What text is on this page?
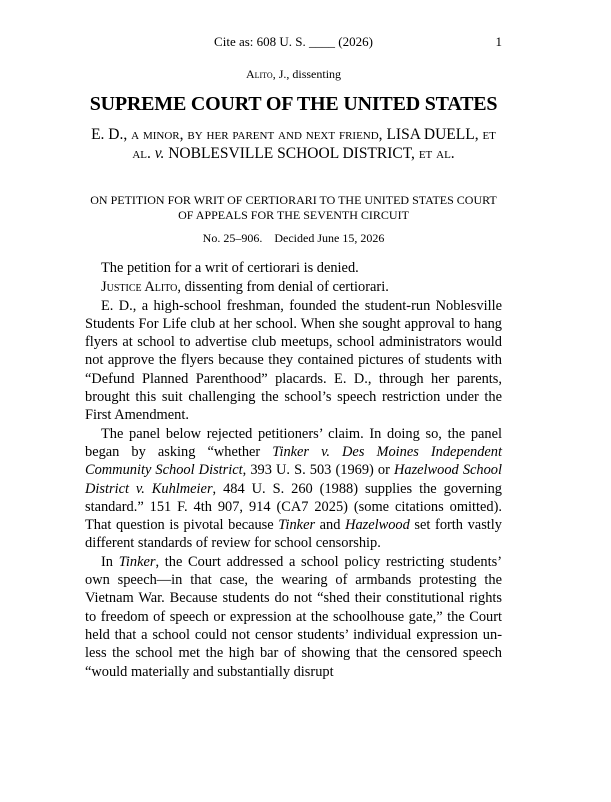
Cite as: 608 U. S. ____ (2026)	1
Alito, J., dissenting
SUPREME COURT OF THE UNITED STATES
E. D., a minor, by her parent and next friend, LISA DUELL, et al. v. NOBLESVILLE SCHOOL DISTRICT, et al.
ON PETITION FOR WRIT OF CERTIORARI TO THE UNITED STATES COURT OF APPEALS FOR THE SEVENTH CIRCUIT
No. 25–906.    Decided June 15, 2026

The petition for a writ of certiorari is denied.

Justice Alito, dissenting from denial of certiorari.

E. D., a high-school freshman, founded the student-run Noblesville Students For Life club at her school. When she sought approval to hang flyers at school to advertise club meetups, school administrators would not approve the flyers because they contained pictures of students with “Defund Planned Parenthood” placards. E. D., through her parents, brought this suit challenging the school’s speech restriction under the First Amendment.

The panel below rejected petitioners’ claim. In doing so, the panel began by asking “whether Tinker v. Des Moines Independent Community School District, 393 U. S. 503 (1969) or Hazelwood School District v. Kuhlmeier, 484 U. S. 260 (1988) supplies the governing standard.” 151 F. 4th 907, 914 (CA7 2025) (some citations omitted). That question is pivotal because Tinker and Hazelwood set forth vastly different standards of review for school censorship.

In Tinker, the Court addressed a school policy restricting students’ own speech—in that case, the wearing of armbands protesting the Vietnam War. Because students do not “shed their constitutional rights to freedom of speech or expression at the schoolhouse gate,” the Court held that a school could not censor students’ individual expression unless the school met the high bar of showing that the censored speech “would materially and substantially disrupt
